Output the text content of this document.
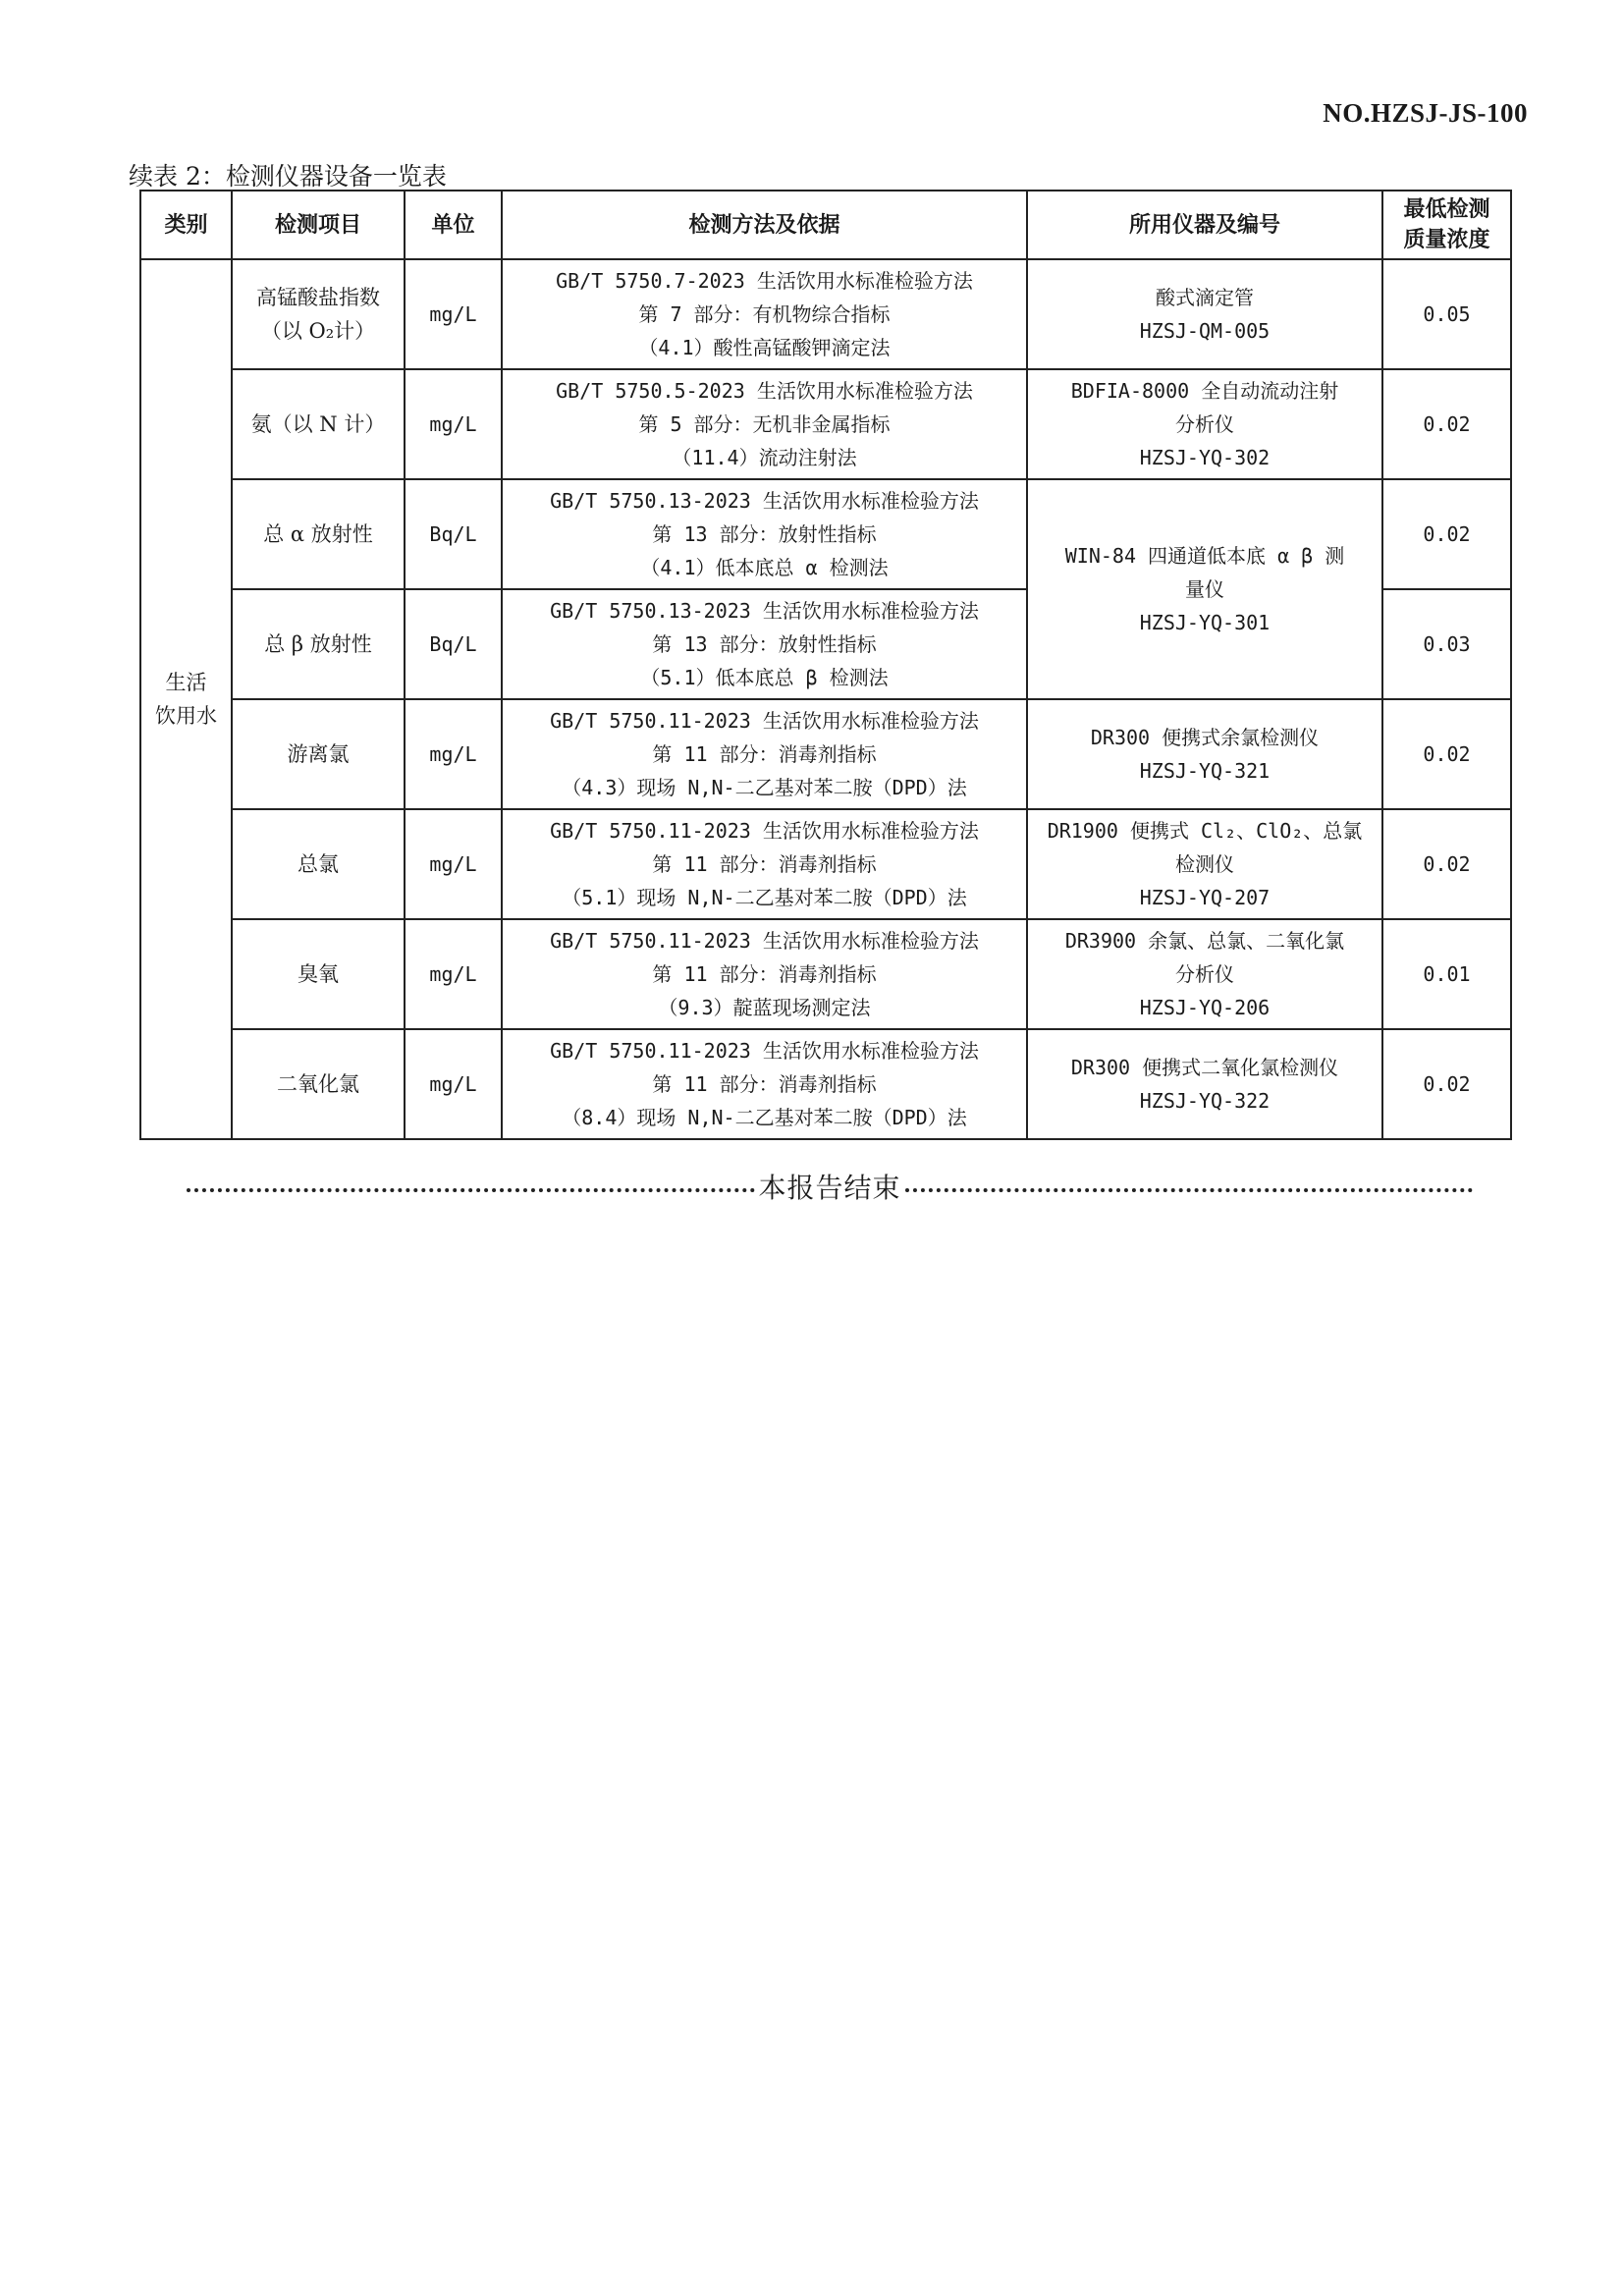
NO.HZSJ-JS-100
续表 2：检测仪器设备一览表
类别	检测项目	单位	检测方法及依据	所用仪器及编号	最低检测
质量浓度

生活
饮用水	高锰酸盐指数
（以 O₂计）	mg/L	GB/T 5750.7-2023 生活饮用水标准检验方法
第 7 部分：有机物综合指标
（4.1）酸性高锰酸钾滴定法	酸式滴定管
HZSJ-QM-005	0.05

	氨（以 N 计）	mg/L	GB/T 5750.5-2023 生活饮用水标准检验方法
第 5 部分：无机非金属指标
（11.4）流动注射法	BDFIA-8000 全自动流动注射
分析仪
HZSJ-YQ-302	0.02

	总 α 放射性	Bq/L	GB/T 5750.13-2023 生活饮用水标准检验方法
第 13 部分：放射性指标
（4.1）低本底总 α 检测法	WIN-84 四通道低本底 α β 测
量仪
HZSJ-YQ-301	0.02

	总 β 放射性	Bq/L	GB/T 5750.13-2023 生活饮用水标准检验方法
第 13 部分：放射性指标
（5.1）低本底总 β 检测法		0.03

	游离氯	mg/L	GB/T 5750.11-2023 生活饮用水标准检验方法
第 11 部分：消毒剂指标
（4.3）现场 N,N-二乙基对苯二胺（DPD）法	DR300 便携式余氯检测仪
HZSJ-YQ-321	0.02

	总氯	mg/L	GB/T 5750.11-2023 生活饮用水标准检验方法
第 11 部分：消毒剂指标
（5.1）现场 N,N-二乙基对苯二胺（DPD）法	DR1900 便携式 Cl₂、ClO₂、总氯
检测仪
HZSJ-YQ-207	0.02

	臭氧	mg/L	GB/T 5750.11-2023 生活饮用水标准检验方法
第 11 部分：消毒剂指标
（9.3）靛蓝现场测定法	DR3900 余氯、总氯、二氧化氯
分析仪
HZSJ-YQ-206	0.01

	二氧化氯	mg/L	GB/T 5750.11-2023 生活饮用水标准检验方法
第 11 部分：消毒剂指标
（8.4）现场 N,N-二乙基对苯二胺（DPD）法	DR300 便携式二氧化氯检测仪
HZSJ-YQ-322	0.02
本报告结束
